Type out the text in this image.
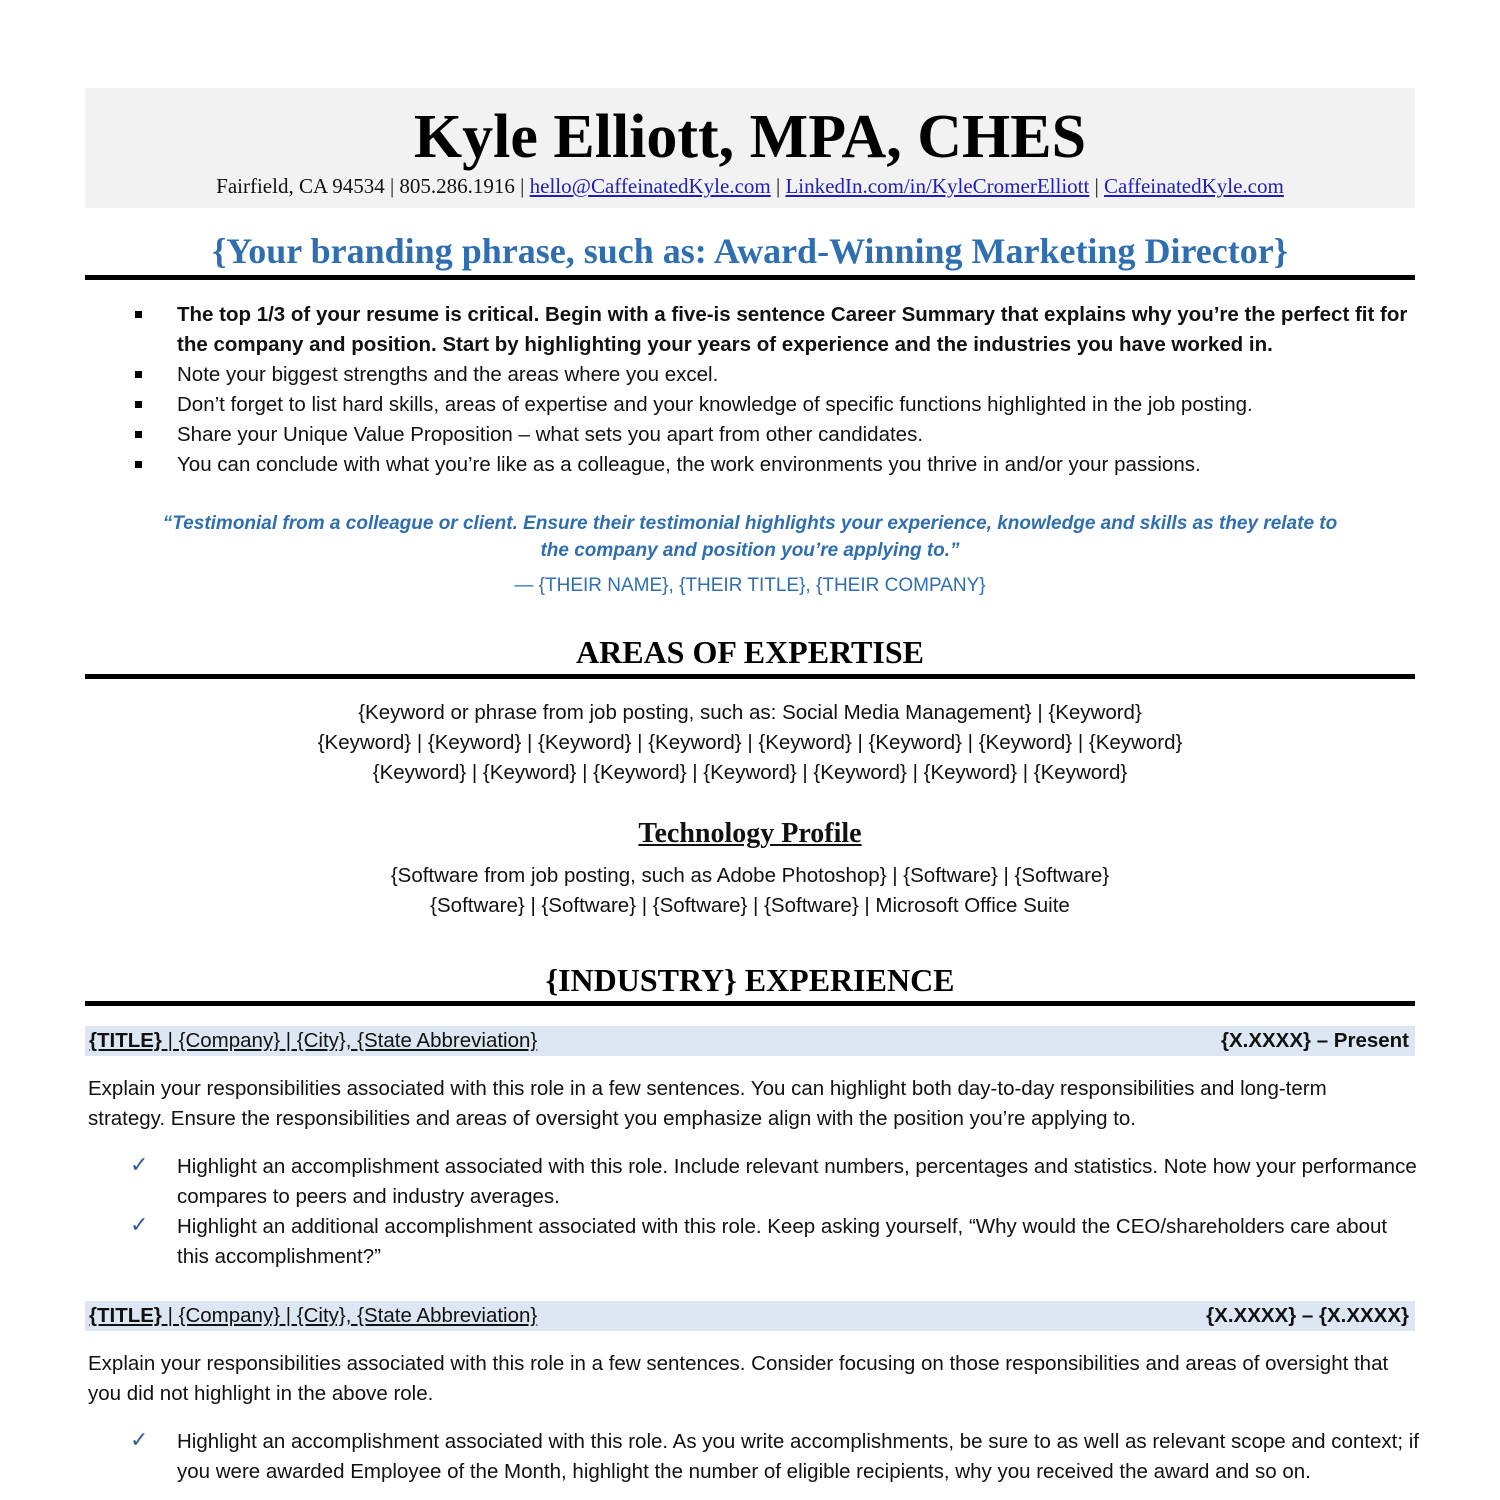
Kyle Elliott, MPA, CHES
Fairfield, CA 94534 | 805.286.1916 | hello@CaffeinatedKyle.com | LinkedIn.com/in/KyleCromerElliott | CaffeinatedKyle.com
{Your branding phrase, such as: Award-Winning Marketing Director}
The top 1/3 of your resume is critical. Begin with a five-is sentence Career Summary that explains why you’re the perfect fit for the company and position. Start by highlighting your years of experience and the industries you have worked in.
Note your biggest strengths and the areas where you excel.
Don’t forget to list hard skills, areas of expertise and your knowledge of specific functions highlighted in the job posting.
Share your Unique Value Proposition – what sets you apart from other candidates.
You can conclude with what you’re like as a colleague, the work environments you thrive in and/or your passions.
“Testimonial from a colleague or client. Ensure their testimonial highlights your experience, knowledge and skills as they relate to the company and position you’re applying to.”
— {THEIR NAME}, {THEIR TITLE}, {THEIR COMPANY}
AREAS OF EXPERTISE
{Keyword or phrase from job posting, such as: Social Media Management} | {Keyword}
{Keyword} | {Keyword} | {Keyword} | {Keyword} | {Keyword} | {Keyword} | {Keyword} | {Keyword}
{Keyword} | {Keyword} | {Keyword} | {Keyword} | {Keyword} | {Keyword} | {Keyword}
Technology Profile
{Software from job posting, such as Adobe Photoshop} | {Software} | {Software}
{Software} | {Software} | {Software} | {Software} | Microsoft Office Suite
{INDUSTRY} EXPERIENCE
{TITLE} | {Company} | {City}, {State Abbreviation}	{X.XXXX} – Present
Explain your responsibilities associated with this role in a few sentences. You can highlight both day-to-day responsibilities and long-term strategy. Ensure the responsibilities and areas of oversight you emphasize align with the position you’re applying to.
✓ Highlight an accomplishment associated with this role. Include relevant numbers, percentages and statistics. Note how your performance compares to peers and industry averages.
✓ Highlight an additional accomplishment associated with this role. Keep asking yourself, “Why would the CEO/shareholders care about this accomplishment?”
{TITLE} | {Company} | {City}, {State Abbreviation}	{X.XXXX} – {X.XXXX}
Explain your responsibilities associated with this role in a few sentences. Consider focusing on those responsibilities and areas of oversight that you did not highlight in the above role.
✓ Highlight an accomplishment associated with this role. As you write accomplishments, be sure to as well as relevant scope and context; if you were awarded Employee of the Month, highlight the number of eligible recipients, why you received the award and so on.
